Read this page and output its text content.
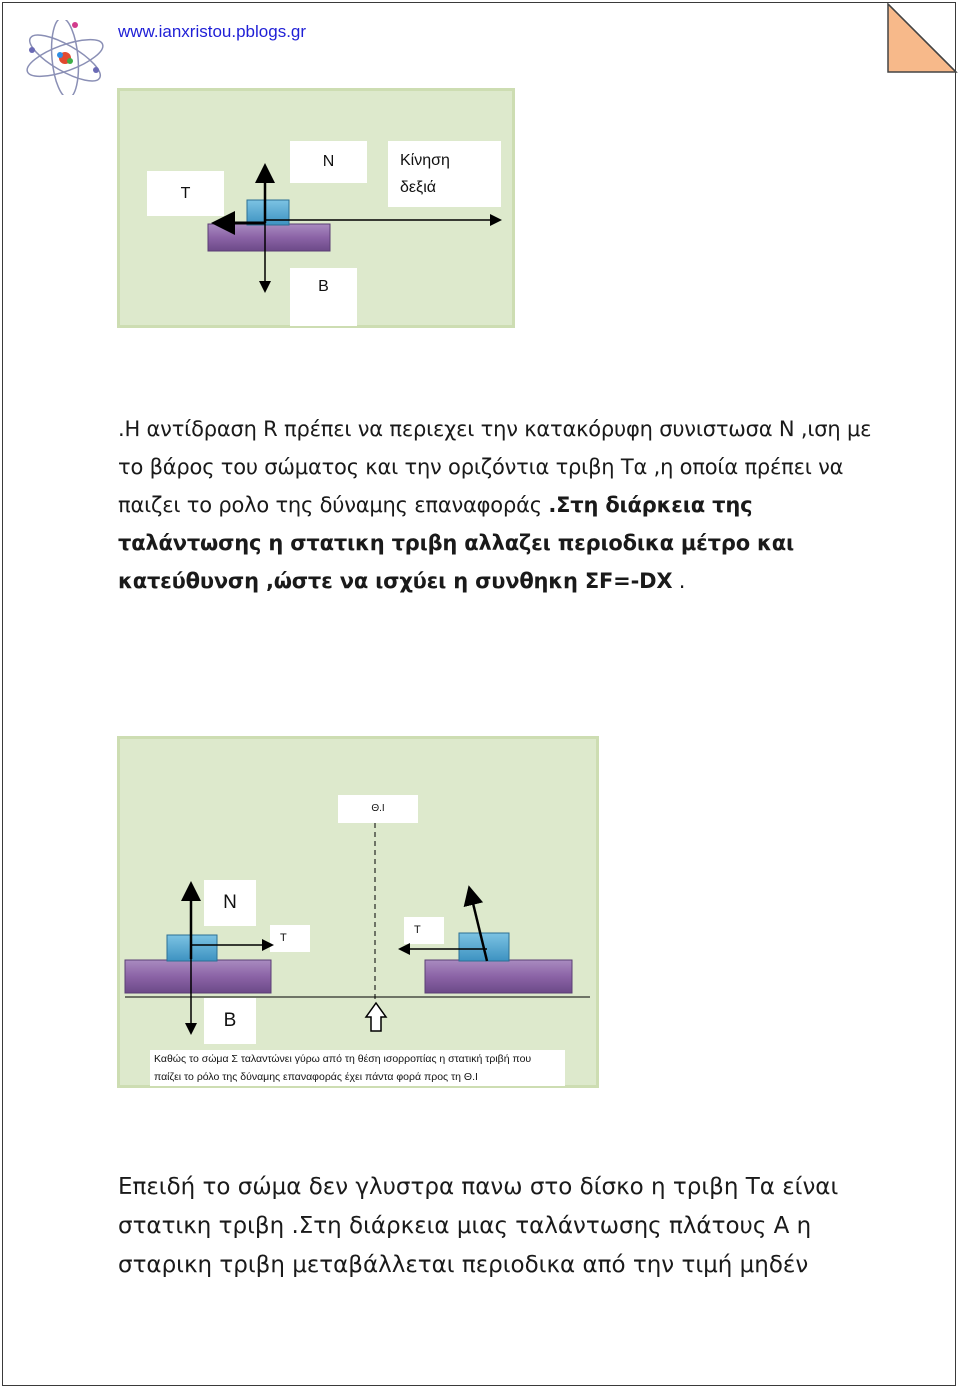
www.ianxristou.pblogs.gr
Τ
Ν	Κίνηση
δεξιά
Β
.Η αντίδραση R πρέπει να περιεχει την κατακόρυφη συνιστωσα Ν ,ιση με το βάρος του σώματος και την οριζόντια τριβη Τα ,η οποία πρέπει να παιζει το ρολο της δύναμης επαναφοράς .Στη διάρκεια της ταλάντωσης η στατικη τριβη αλλαζει περιοδικα μέτρο και κατεύθυνση ,ώστε να ισχύει η συνθηκη ΣF=-DX .
Θ.Ι
Ν
Τ
Τ
Β
Καθώς το σώμα Σ ταλαντώνει γύρω από τη θέση ισορροπίας η στατική τριβή που παίζει το ρόλο της δύναμης επαναφοράς έχει πάντα φορά προς τη Θ.Ι
Επειδή το σώμα δεν γλυστρα πανω στο δίσκο η τριβη Τα είναι στατικη τριβη .Στη διάρκεια μιας ταλάντωσης πλάτους Α η σταρικη τριβη μεταβάλλεται περιοδικα από την τιμή μηδέν
